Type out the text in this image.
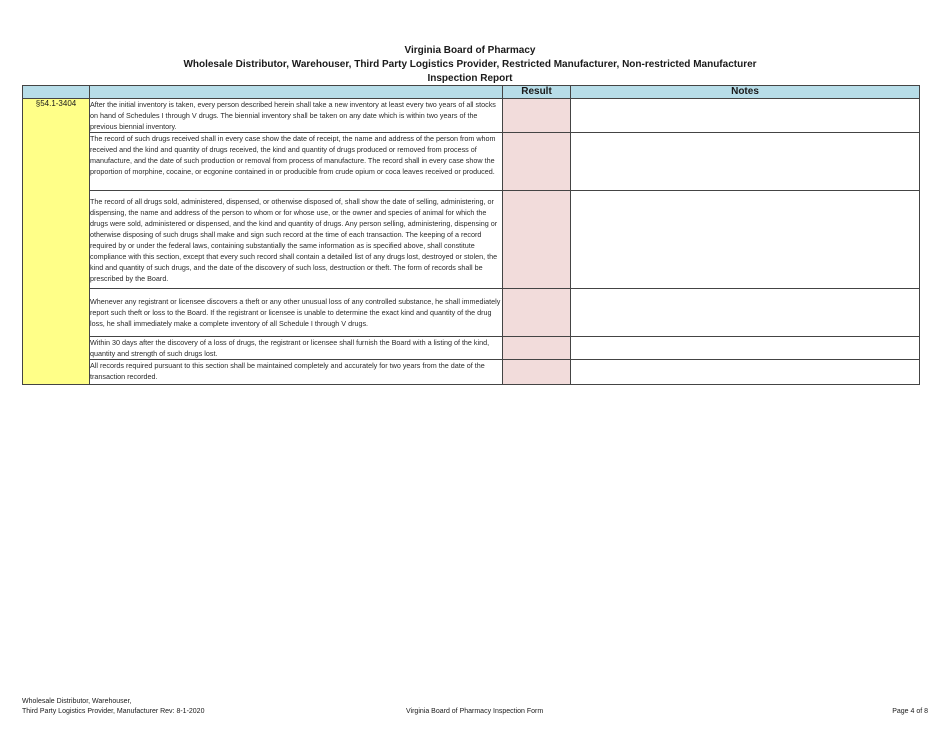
Virginia Board of Pharmacy
Wholesale Distributor, Warehouser, Third Party Logistics Provider, Restricted Manufacturer, Non-restricted Manufacturer
Inspection Report
		Result	Notes
§54.1-3404	After the initial inventory is taken, every person described herein shall take a new inventory at least every two years of all stocks on hand of Schedules I through V drugs. The biennial inventory shall be taken on any date which is within two years of the previous biennial inventory.		

	The record of such drugs received shall in every case show the date of receipt, the name and address of the person from whom received and the kind and quantity of drugs received, the kind and quantity of drugs produced or removed from process of manufacture, and the date of such production or removal from process of manufacture. The record shall in every case show the proportion of morphine, cocaine, or ecgonine contained in or producible from crude opium or coca leaves received or produced.		

	The record of all drugs sold, administered, dispensed, or otherwise disposed of, shall show the date of selling, administering, or dispensing, the name and address of the person to whom or for whose use, or the owner and species of animal for which the drugs were sold, administered or dispensed, and the kind and quantity of drugs. Any person selling, administering, dispensing or otherwise disposing of such drugs shall make and sign such record at the time of each transaction. The keeping of a record required by or under the federal laws, containing substantially the same information as is specified above, shall constitute compliance with this section, except that every such record shall contain a detailed list of any drugs lost, destroyed or stolen, the kind and quantity of such drugs, and the date of the discovery of such loss, destruction or theft. The form of records shall be prescribed by the Board.		

	Whenever any registrant or licensee discovers a theft or any other unusual loss of any controlled substance, he shall immediately report such theft or loss to the Board. If the registrant or licensee is unable to determine the exact kind and quantity of the drug loss, he shall immediately make a complete inventory of all Schedule I through V drugs.		

	Within 30 days after the discovery of a loss of drugs, the registrant or licensee shall furnish the Board with a listing of the kind, quantity and strength of such drugs lost.		

	All records required pursuant to this section shall be maintained completely and accurately for two years from the date of the transaction recorded.		

Wholesale Distributor, Warehouser,
Third Party Logistics Provider, Manufacturer Rev: 8-1-2020	Virginia Board of Pharmacy Inspection Form	Page 4 of 8
